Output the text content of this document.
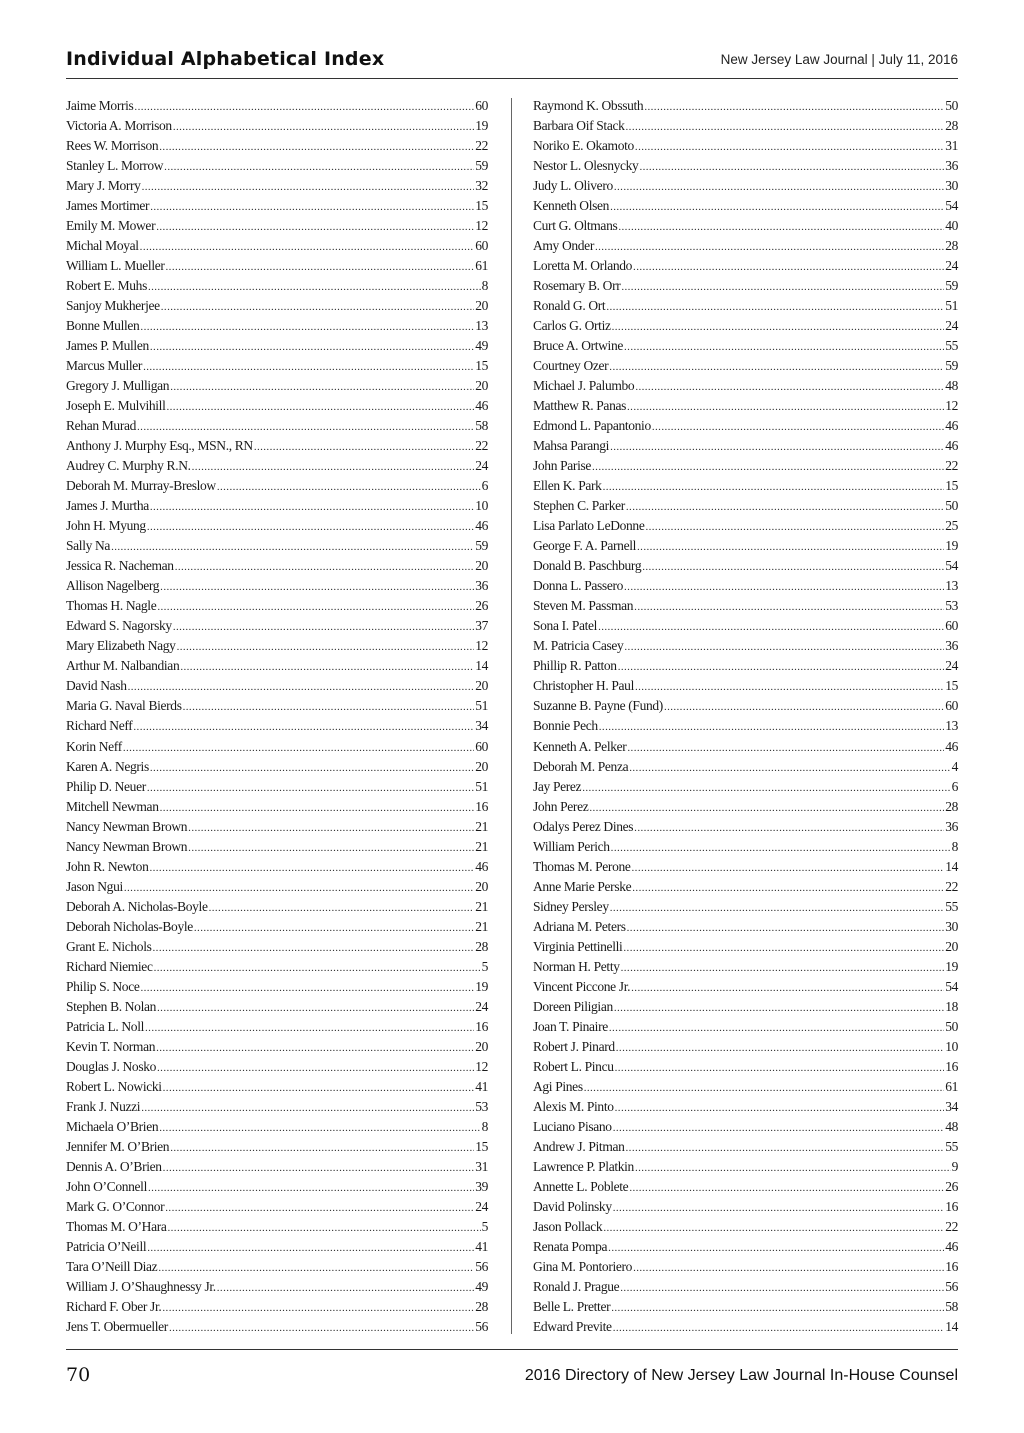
Individual Alphabetical Index	New Jersey Law Journal | July 11, 2016
Jaime Morris .....	60
Victoria A. Morrison .....	19
Rees W. Morrison .....	22
Stanley L. Morrow .....	59
Mary J. Morry .....	32
James Mortimer .....	15
Emily M. Mower .....	12
Michal Moyal .....	60
William L. Mueller .....	61
Robert E. Muhs .....	8
Sanjoy Mukherjee .....	20
Bonne Mullen .....	13
James P. Mullen .....	49
Marcus Muller .....	15
Gregory J. Mulligan .....	20
Joseph E. Mulvihill .....	46
Rehan Murad .....	58
Anthony J. Murphy Esq., MSN., RN .....	22
Audrey C. Murphy R.N. .....	24
Deborah M. Murray-Breslow .....	6
James J. Murtha .....	10
John H. Myung .....	46
Sally Na .....	59
Jessica R. Nacheman .....	20
Allison Nagelberg .....	36
Thomas H. Nagle .....	26
Edward S. Nagorsky .....	37
Mary Elizabeth Nagy .....	12
Arthur M. Nalbandian .....	14
David Nash .....	20
Maria G. Naval Bierds .....	51
Richard Neff .....	34
Korin Neff .....	60
Karen A. Negris .....	20
Philip D. Neuer .....	51
Mitchell Newman .....	16
Nancy Newman Brown .....	21
Nancy Newman Brown .....	21
John R. Newton .....	46
Jason Ngui .....	20
Deborah A. Nicholas-Boyle .....	21
Deborah Nicholas-Boyle .....	21
Grant E. Nichols .....	28
Richard Niemiec .....	5
Philip S. Noce .....	19
Stephen B. Nolan .....	24
Patricia L. Noll .....	16
Kevin T. Norman .....	20
Douglas J. Nosko .....	12
Robert L. Nowicki .....	41
Frank J. Nuzzi .....	53
Michaela O’Brien .....	8
Jennifer M. O’Brien .....	15
Dennis A. O’Brien .....	31
John O’Connell .....	39
Mark G. O’Connor .....	24
Thomas M. O’Hara .....	5
Patricia O’Neill .....	41
Tara O’Neill Diaz .....	56
William J. O’Shaughnessy Jr. .....	49
Richard F. Ober Jr. .....	28
Jens T. Obermueller .....	56
Raymond K. Obssuth .....	50
Barbara Oif Stack .....	28
Noriko E. Okamoto .....	31
Nestor L. Olesnycky .....	36
Judy L. Olivero .....	30
Kenneth Olsen .....	54
Curt G. Oltmans .....	40
Amy Onder .....	28
Loretta M. Orlando .....	24
Rosemary B. Orr .....	59
Ronald G. Ort .....	51
Carlos G. Ortiz .....	24
Bruce A. Ortwine .....	55
Courtney Ozer .....	59
Michael J. Palumbo .....	48
Matthew R. Panas .....	12
Edmond L. Papantonio .....	46
Mahsa Parangi .....	46
John Parise .....	22
Ellen K. Park .....	15
Stephen C. Parker .....	50
Lisa Parlato LeDonne .....	25
George F. A. Parnell .....	19
Donald B. Paschburg .....	54
Donna L. Passero .....	13
Steven M. Passman .....	53
Sona I. Patel .....	60
M. Patricia Casey .....	36
Phillip R. Patton .....	24
Christopher H. Paul .....	15
Suzanne B. Payne (Fund) .....	60
Bonnie Pech .....	13
Kenneth A. Pelker .....	46
Deborah M. Penza .....	4
Jay Perez .....	6
John Perez .....	28
Odalys Perez Dines .....	36
William Perich .....	8
Thomas M. Perone .....	14
Anne Marie Perske .....	22
Sidney Persley .....	55
Adriana M. Peters .....	30
Virginia Pettinelli .....	20
Norman H. Petty .....	19
Vincent Piccone Jr. .....	54
Doreen Piligian .....	18
Joan T. Pinaire .....	50
Robert J. Pinard .....	10
Robert L. Pincu .....	16
Agi Pines .....	61
Alexis M. Pinto .....	34
Luciano Pisano .....	48
Andrew J. Pitman .....	55
Lawrence P. Platkin .....	9
Annette L. Poblete .....	26
David Polinsky .....	16
Jason Pollack .....	22
Renata Pompa .....	46
Gina M. Pontoriero .....	16
Ronald J. Prague .....	56
Belle L. Pretter .....	58
Edward Previte .....	14
70	2016 Directory of New Jersey Law Journal In-House Counsel
